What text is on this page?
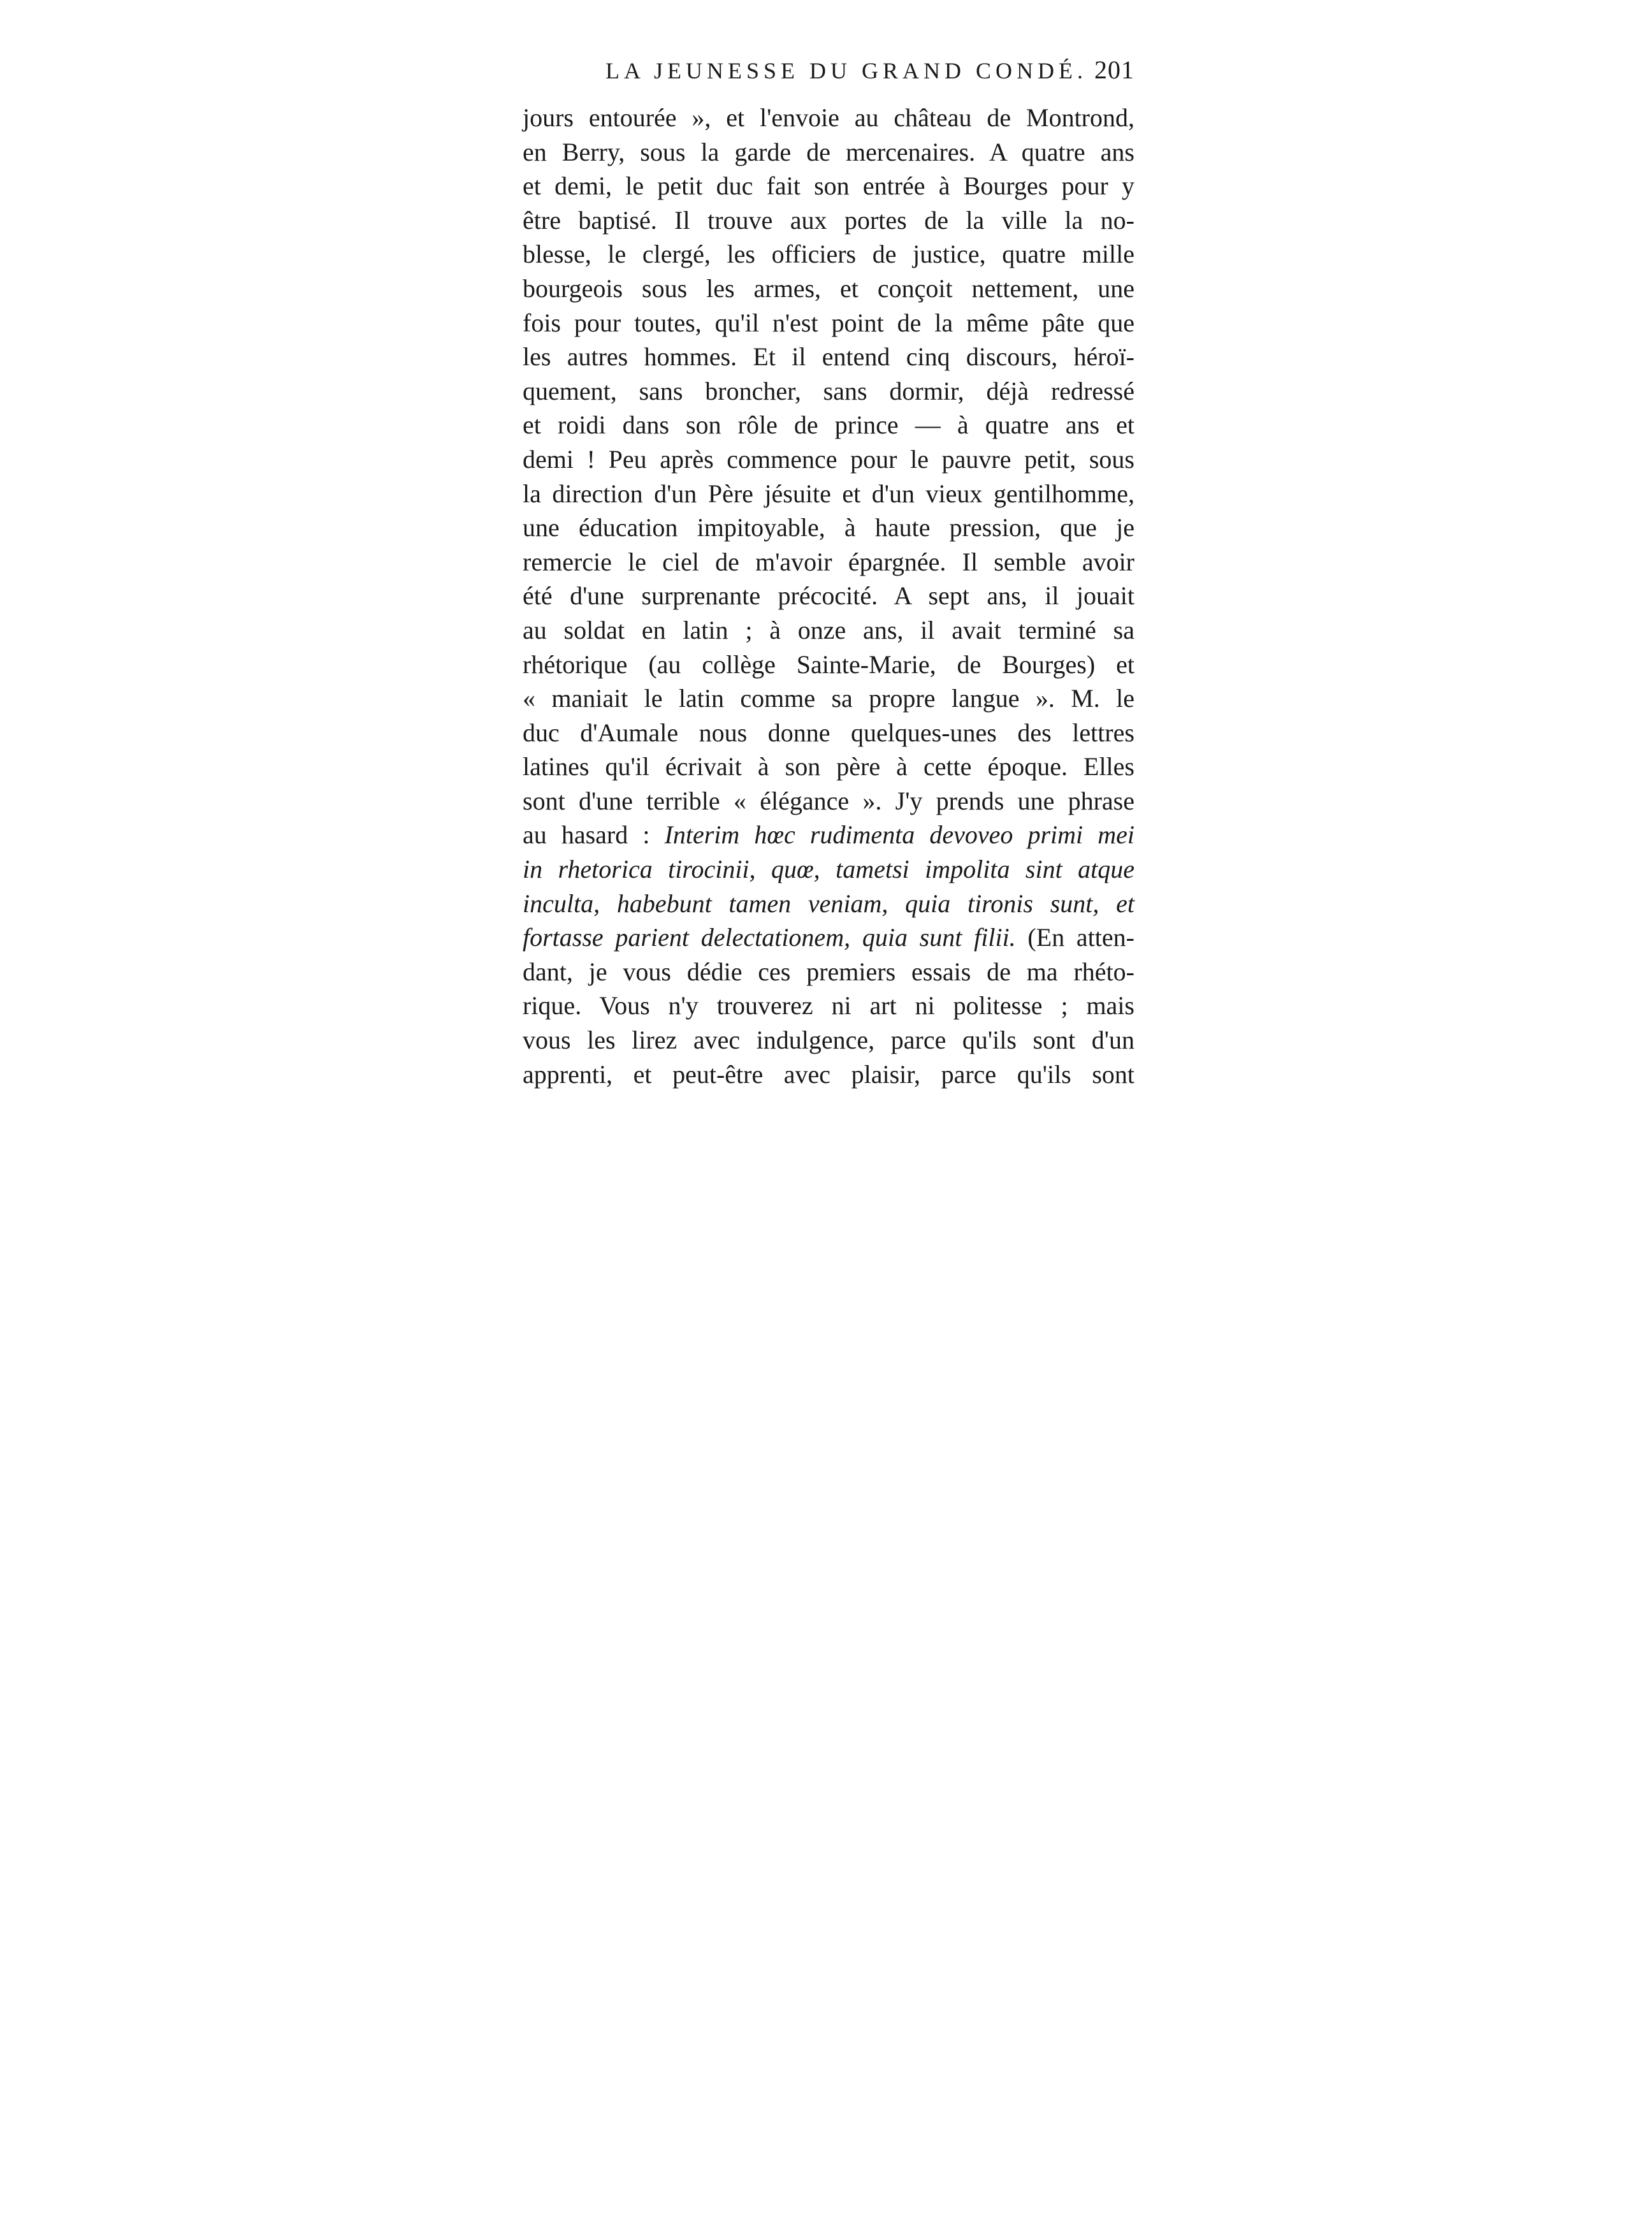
LA JEUNESSE DU GRAND CONDÉ. 201
jours entourée », et l'envoie au château de Montrond,
en Berry, sous la garde de mercenaires. A quatre ans
et demi, le petit duc fait son entrée à Bourges pour y
être baptisé. Il trouve aux portes de la ville la no-
blesse, le clergé, les officiers de justice, quatre mille
bourgeois sous les armes, et conçoit nettement, une
fois pour toutes, qu'il n'est point de la même pâte que
les autres hommes. Et il entend cinq discours, héroï-
quement, sans broncher, sans dormir, déjà redressé
et roidi dans son rôle de prince — à quatre ans et
demi ! Peu après commence pour le pauvre petit, sous
la direction d'un Père jésuite et d'un vieux gentilhomme,
une éducation impitoyable, à haute pression, que je
remercie le ciel de m'avoir épargnée. Il semble avoir
été d'une surprenante précocité. A sept ans, il jouait
au soldat en latin ; à onze ans, il avait terminé sa
rhétorique (au collège Sainte-Marie, de Bourges) et
« maniait le latin comme sa propre langue ». M. le
duc d'Aumale nous donne quelques-unes des lettres
latines qu'il écrivait à son père à cette époque. Elles
sont d'une terrible « élégance ». J'y prends une phrase
au hasard : Interim hœc rudimenta devoveo primi mei
in rhetorica tirocinii, quœ, tametsi impolita sint atque
inculta, habebunt tamen veniam, quia tironis sunt, et
fortasse parient delectationem, quia sunt filii. (En atten-
dant, je vous dédie ces premiers essais de ma rhéto-
rique. Vous n'y trouverez ni art ni politesse ; mais
vous les lirez avec indulgence, parce qu'ils sont d'un
apprenti, et peut-être avec plaisir, parce qu'ils sont
